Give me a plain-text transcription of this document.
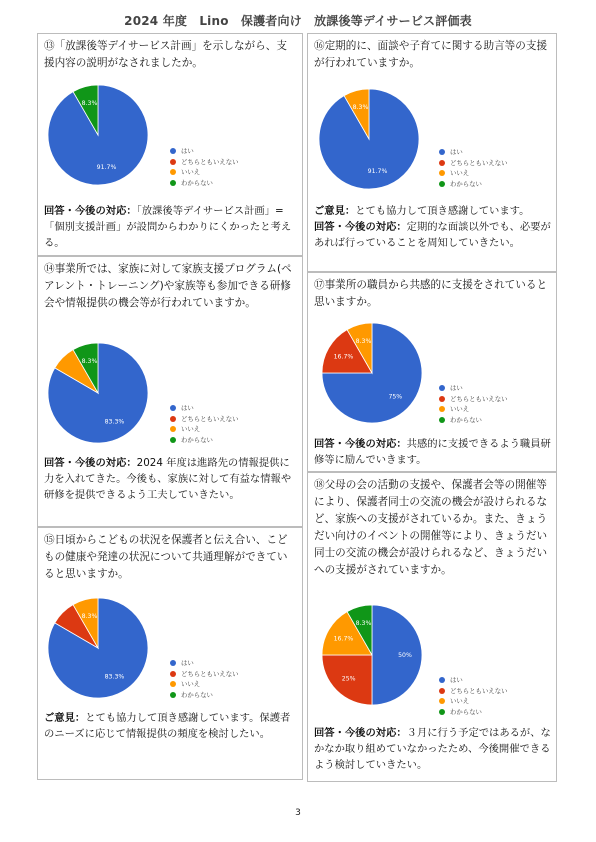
2024 年度　Lino　保護者向け　放課後等デイサービス評価表

⑬「放課後等デイサービス計画」を示しながら、支援内容の説明がなされましたか。

91.7%
8.3%
はい
どちらともいえない
いいえ
わからない

回答・今後の対応：「放課後等デイサービス計画」=「個別支援計画」が設問からわかりにくかったと考える。

⑭事業所では、家族に対して家族支援プログラム(ペアレント・トレーニング)や家族等も参加できる研修会や情報提供の機会等が行われていますか。

83.3%
8.3%
はい
どちらともいえない
いいえ
わからない

回答・今後の対応：2024 年度は進路先の情報提供に力を入れてきた。今後も、家族に対して有益な情報や研修を提供できるよう工夫していきたい。

⑮日頃からこどもの状況を保護者と伝え合い、こどもの健康や発達の状況について共通理解ができていると思いますか。

83.3%
8.3%
はい
どちらともいえない
いいえ
わからない

ご意見：とても協力して頂き感謝しています。保護者のニーズに応じて情報提供の頻度を検討したい。

⑯定期的に、面談や子育てに関する助言等の支援が行われていますか。

91.7%
8.3%
はい
どちらともいえない
いいえ
わからない

ご意見：とても協力して頂き感謝しています。

回答・今後の対応：定期的な面談以外でも、必要があれば行っていることを周知していきたい。

⑰事業所の職員から共感的に支援をされていると思いますか。

75%
16.7%
8.3%
はい
どちらともいえない
いいえ
わからない

回答・今後の対応：共感的に支援できるよう職員研修等に励んでいきます。

⑱父母の会の活動の支援や、保護者会等の開催等により、保護者同士の交流の機会が設けられるなど、家族への支援がされているか。また、きょうだい向けのイベントの開催等により、きょうだい同士の交流の機会が設けられるなど、きょうだいへの支援がされていますか。

50%
25%
16.7%
8.3%
はい
どちらともいえない
いいえ
わからない

回答・今後の対応：３月に行う予定ではあるが、なかなか取り組めていなかったため、今後開催できるよう検討していきたい。

3
